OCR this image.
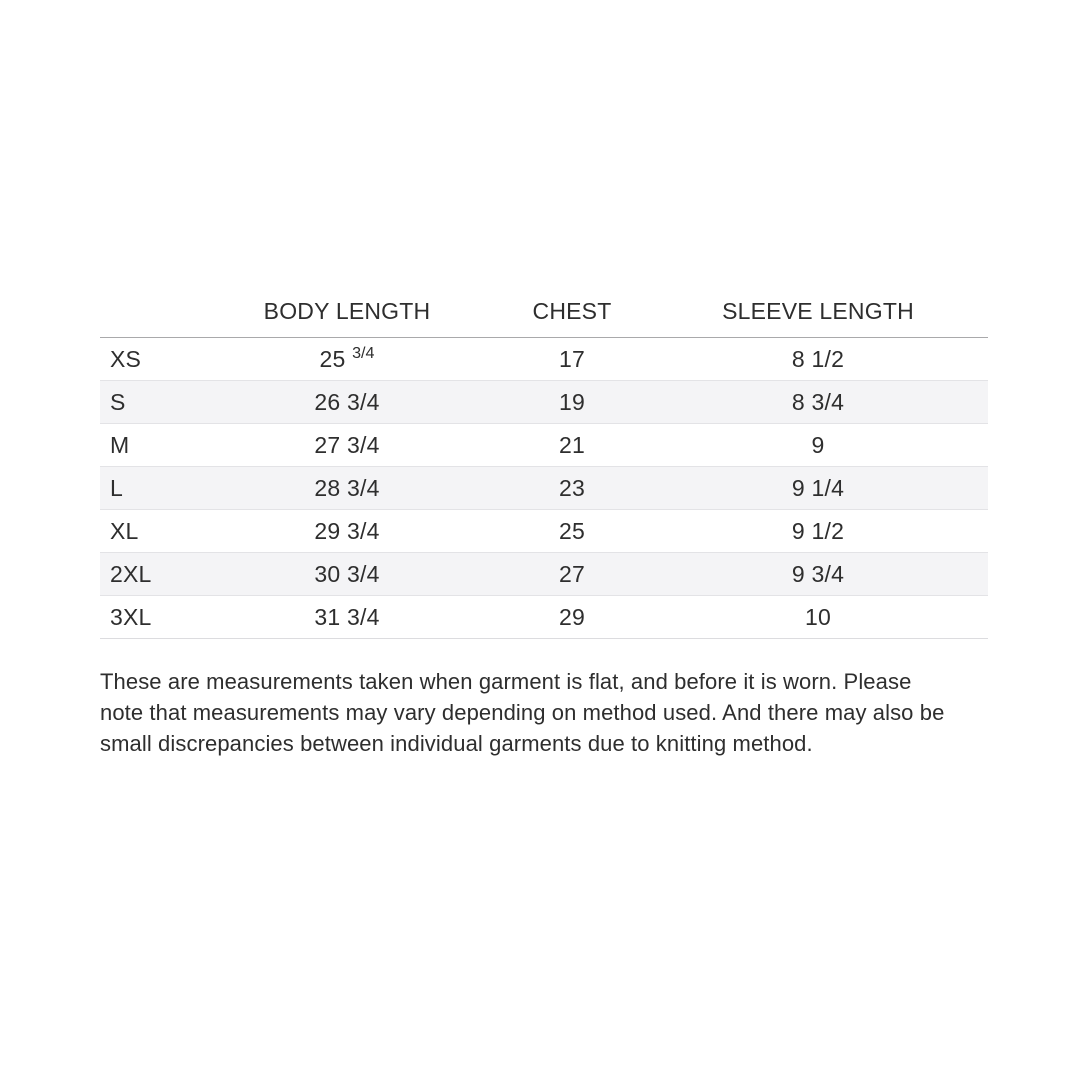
	BODY LENGTH	CHEST	SLEEVE LENGTH
XS	25 $^{3/4}$	17	8 1/2
S	26 3/4	19	8 3/4
M	27 3/4	21	9
L	28 3/4	23	9 1/4
XL	29 3/4	25	9 1/2
2XL	30 3/4	27	9 3/4
3XL	31 3/4	29	10

These are measurements taken when garment is flat, and before it is worn. Please note that measurements may vary depending on method used. And there may also be small discrepancies between individual garments due to knitting method.
